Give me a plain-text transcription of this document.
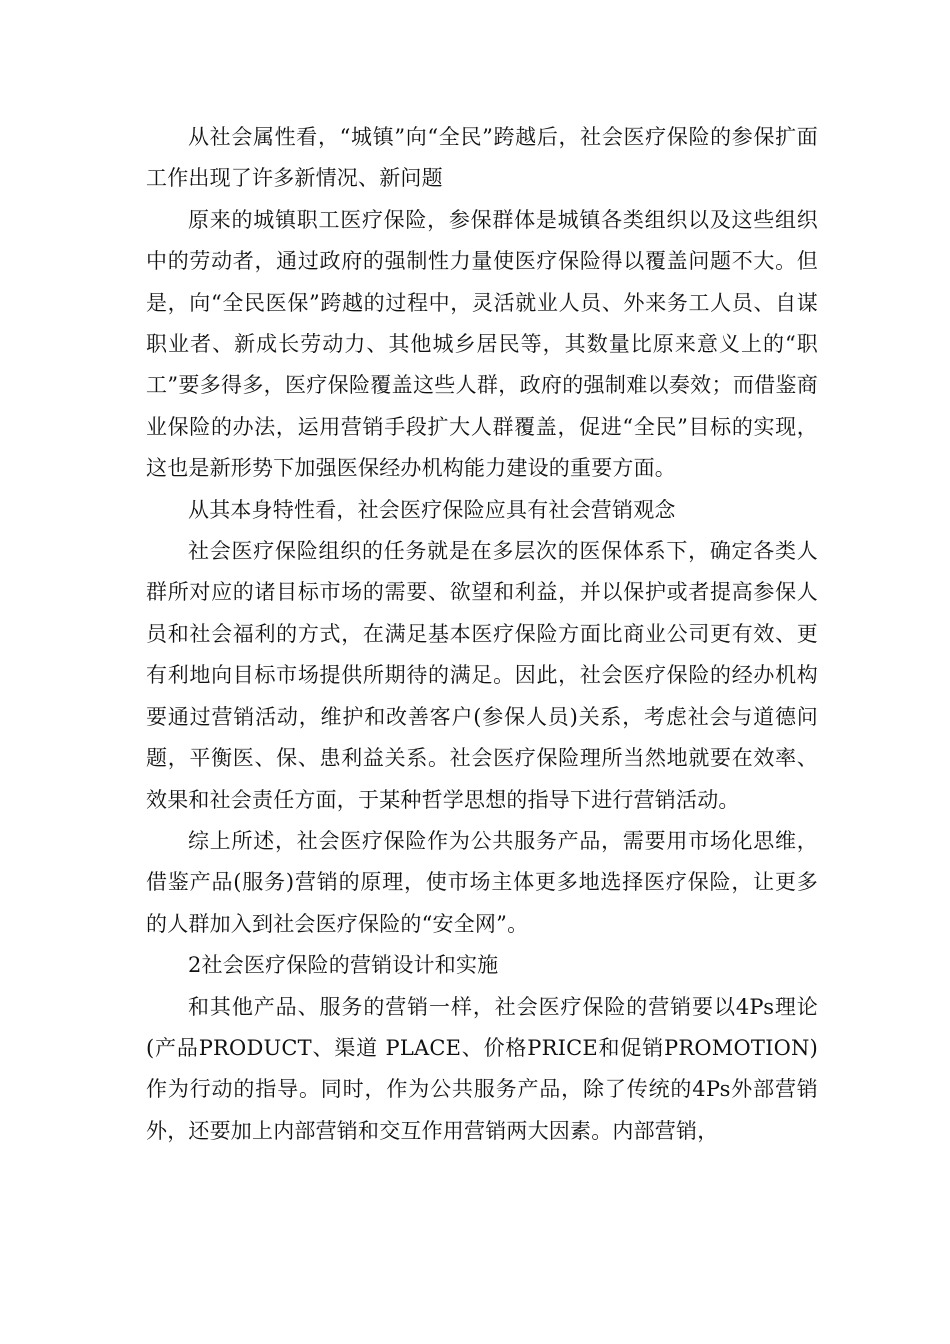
从社会属性看，“城镇”向“全民”跨越后，社会医疗保险的参保扩面工作出现了许多新情况、新问题

原来的城镇职工医疗保险，参保群体是城镇各类组织以及这些组织中的劳动者，通过政府的强制性力量使医疗保险得以覆盖问题不大。但是，向“全民医保”跨越的过程中，灵活就业人员、外来务工人员、自谋职业者、新成长劳动力、其他城乡居民等，其数量比原来意义上的“职工”要多得多，医疗保险覆盖这些人群，政府的强制难以奏效；而借鉴商业保险的办法，运用营销手段扩大人群覆盖，促进“全民”目标的实现，这也是新形势下加强医保经办机构能力建设的重要方面。

从其本身特性看，社会医疗保险应具有社会营销观念

社会医疗保险组织的任务就是在多层次的医保体系下，确定各类人群所对应的诸目标市场的需要、欲望和利益，并以保护或者提高参保人员和社会福利的方式，在满足基本医疗保险方面比商业公司更有效、更有利地向目标市场提供所期待的满足。因此，社会医疗保险的经办机构要通过营销活动，维护和改善客户(参保人员)关系，考虑社会与道德问题，平衡医、保、患利益关系。社会医疗保险理所当然地就要在效率、效果和社会责任方面，于某种哲学思想的指导下进行营销活动。

综上所述，社会医疗保险作为公共服务产品，需要用市场化思维，借鉴产品(服务)营销的原理，使市场主体更多地选择医疗保险，让更多的人群加入到社会医疗保险的“安全网”。

2社会医疗保险的营销设计和实施

和其他产品、服务的营销一样，社会医疗保险的营销要以4Ps理论(产品PRODUCT、渠道 PLACE、价格PRICE和促销PROMOTION)作为行动的指导。同时，作为公共服务产品，除了传统的4Ps外部营销外，还要加上内部营销和交互作用营销两大因素。内部营销，
